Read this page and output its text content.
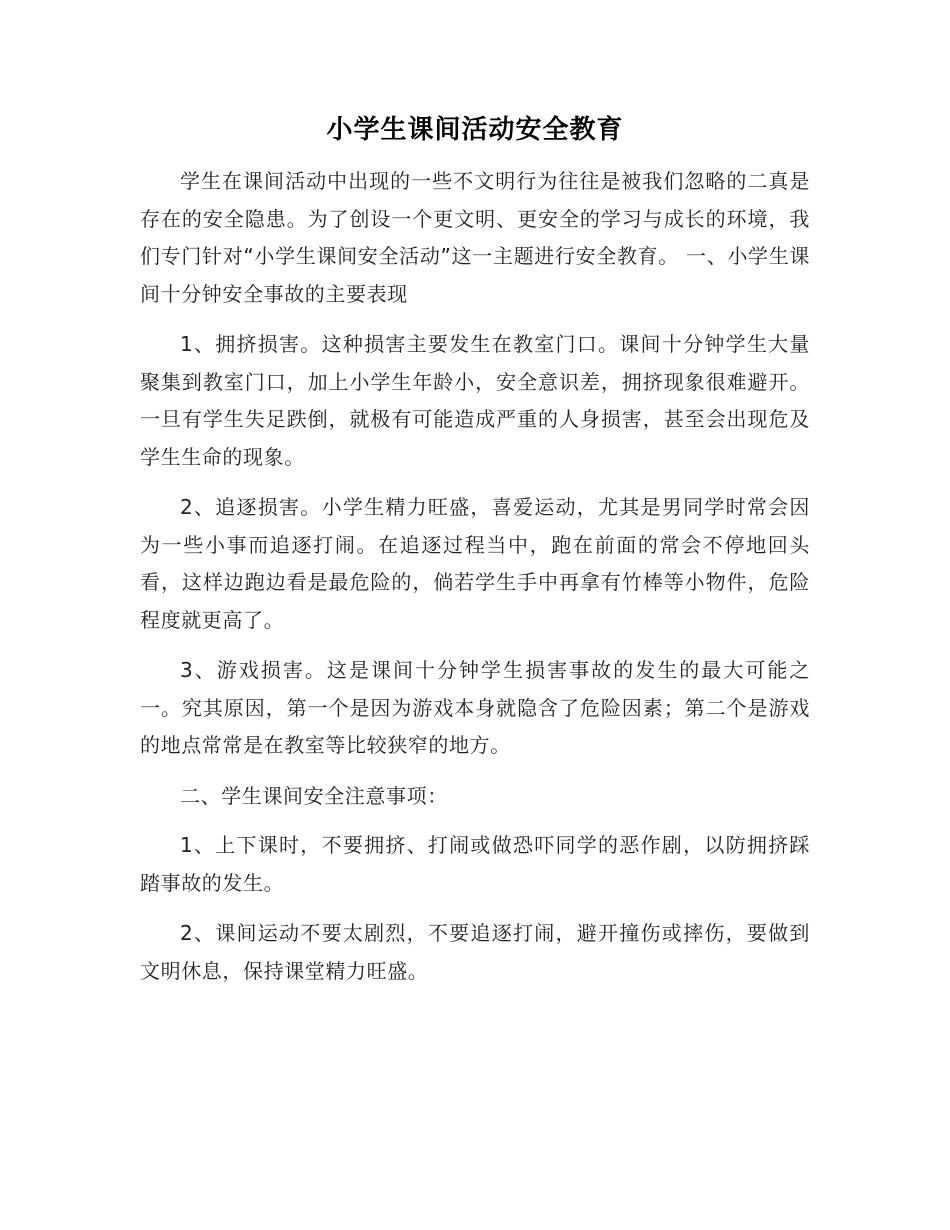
小学生课间活动安全教育

学生在课间活动中出现的一些不文明行为往往是被我们忽略的二真是存在的安全隐患。为了创设一个更文明、更安全的学习与成长的环境，我们专门针对“小学生课间安全活动”这一主题进行安全教育。 一、小学生课间十分钟安全事故的主要表现

1、拥挤损害。这种损害主要发生在教室门口。课间十分钟学生大量聚集到教室门口，加上小学生年龄小，安全意识差，拥挤现象很难避开。一旦有学生失足跌倒，就极有可能造成严重的人身损害，甚至会出现危及学生生命的现象。

2、追逐损害。小学生精力旺盛，喜爱运动，尤其是男同学时常会因为一些小事而追逐打闹。在追逐过程当中，跑在前面的常会不停地回头看，这样边跑边看是最危险的，倘若学生手中再拿有竹棒等小物件，危险程度就更高了。

3、游戏损害。这是课间十分钟学生损害事故的发生的最大可能之一。究其原因，第一个是因为游戏本身就隐含了危险因素；第二个是游戏的地点常常是在教室等比较狭窄的地方。

二、学生课间安全注意事项：

1、上下课时，不要拥挤、打闹或做恐吓同学的恶作剧，以防拥挤踩踏事故的发生。

2、课间运动不要太剧烈，不要追逐打闹，避开撞伤或摔伤，要做到文明休息，保持课堂精力旺盛。
